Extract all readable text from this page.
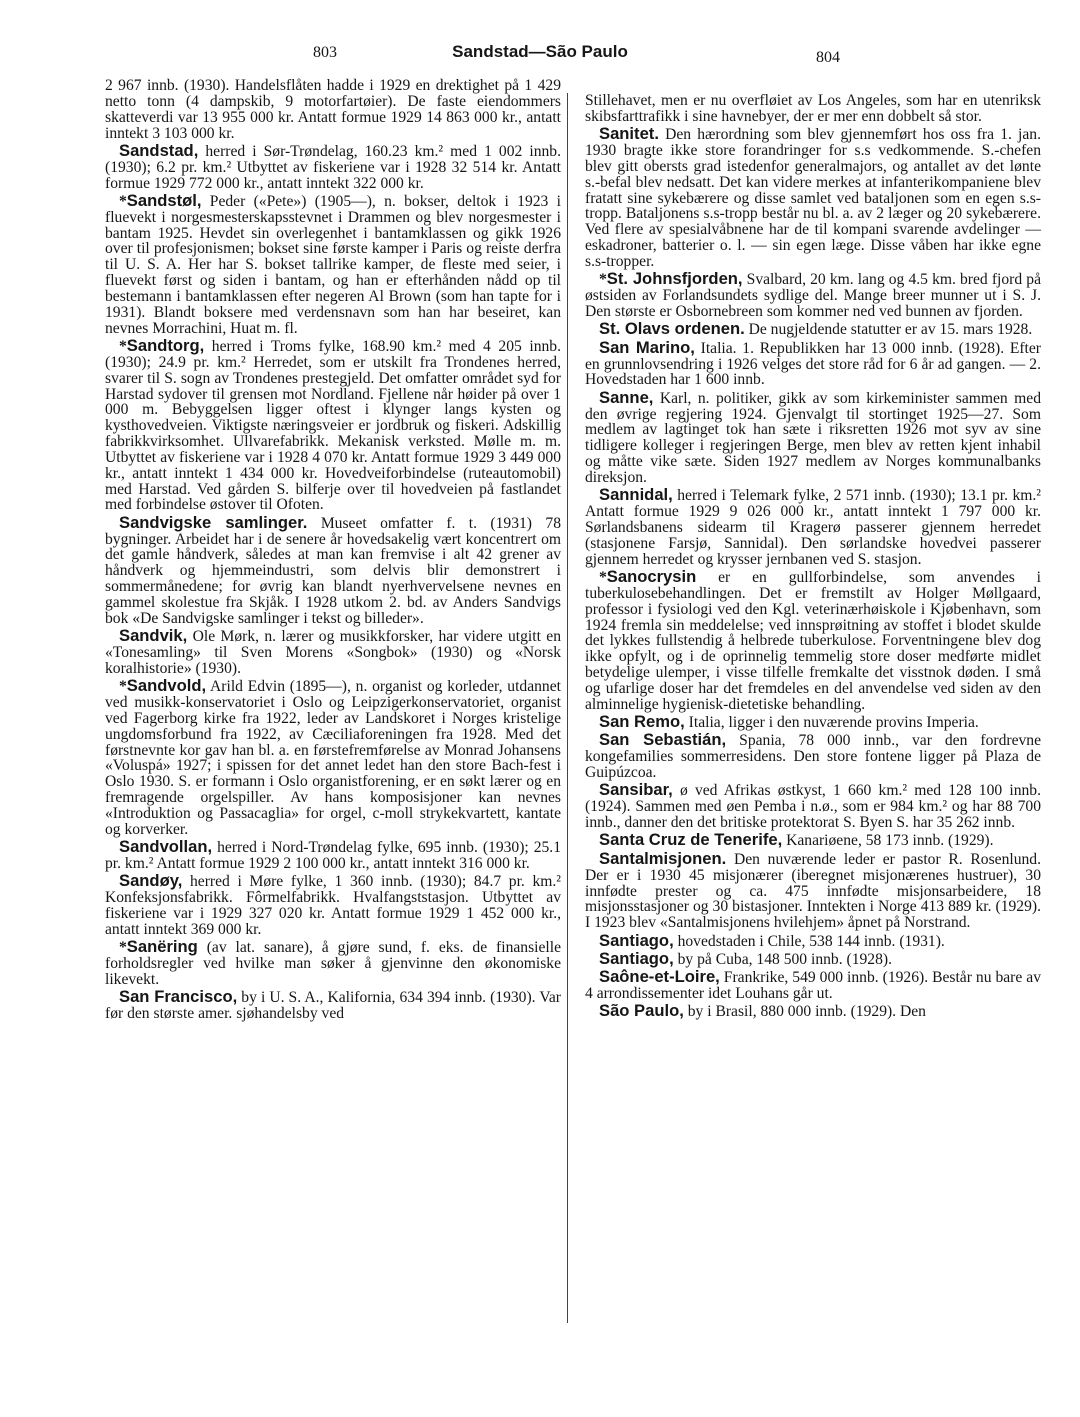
803	Sandstad—São Paulo	804

2 967 innb. (1930). Handelsflåten hadde i 1929 en drektighet på 1 429 netto tonn (4 dampskib, 9 motorfartøier). De faste eiendommers skatteverdi var 13 955 000 kr. Antatt formue 1929 14 863 000 kr., antatt inntekt 3 103 000 kr.

Sandstad, herred i Sør-Trøndelag, 160.23 km.² med 1 002 innb. (1930); 6.2 pr. km.² Utbyttet av fiskeriene var i 1928 32 514 kr. Antatt formue 1929 772 000 kr., antatt inntekt 322 000 kr.

*Sandstøl, Peder («Pete») (1905—), n. bokser, deltok i 1923 i fluevekt i norgesmesterskapsstevnet i Drammen og blev norgesmester i bantam 1925. Hevdet sin overlegenhet i bantamklassen og gikk 1926 over til profesjonismen; bokset sine første kamper i Paris og reiste derfra til U. S. A. Her har S. bokset tallrike kamper, de fleste med seier, i fluevekt først og siden i bantam, og han er efterhånden nådd op til bestemann i bantamklassen efter negeren Al Brown (som han tapte for i 1931). Blandt boksere med verdensnavn som han har beseiret, kan nevnes Morrachini, Huat m. fl.

*Sandtorg, herred i Troms fylke, 168.90 km.² med 4 205 innb. (1930); 24.9 pr. km.² Herredet, som er utskilt fra Trondenes herred, svarer til S. sogn av Trondenes prestegjeld. Det omfatter området syd for Harstad sydover til grensen mot Nordland. Fjellene når høider på over 1 000 m. Bebyggelsen ligger oftest i klynger langs kysten og kysthovedveien. Viktigste næringsveier er jordbruk og fiskeri. Adskillig fabrikkvirksomhet. Ullvarefabrikk. Mekanisk verksted. Mølle m. m. Utbyttet av fiskeriene var i 1928 4 070 kr. Antatt formue 1929 3 449 000 kr., antatt inntekt 1 434 000 kr. Hovedveiforbindelse (ruteautomobil) med Harstad. Ved gården S. bilferje over til hovedveien på fastlandet med forbindelse østover til Ofoten.

Sandvigske samlinger. Museet omfatter f. t. (1931) 78 bygninger. Arbeidet har i de senere år hovedsakelig vært koncentrert om det gamle håndverk, således at man kan fremvise i alt 42 grener av håndverk og hjemmeindustri, som delvis blir demonstrert i sommermånedene; for øvrig kan blandt nyerhvervelsene nevnes en gammel skolestue fra Skjåk. I 1928 utkom 2. bd. av Anders Sandvigs bok «De Sandvigske samlinger i tekst og billeder».

Sandvik, Ole Mørk, n. lærer og musikkforsker, har videre utgitt en «Tonesamling» til Sven Morens «Songbok» (1930) og «Norsk koralhistorie» (1930).

*Sandvold, Arild Edvin (1895—), n. organist og korleder, utdannet ved musikk-konservatoriet i Oslo og Leipzigerkonservatoriet, organist ved Fagerborg kirke fra 1922, leder av Landskoret i Norges kristelige ungdomsforbund fra 1922, av Cæciliaforeningen fra 1928. Med det førstnevnte kor gav han bl. a. en førstefremførelse av Monrad Johansens «Voluspá» 1927; i spissen for det annet ledet han den store Bach-fest i Oslo 1930. S. er formann i Oslo organistforening, er en søkt lærer og en fremragende orgelspiller. Av hans komposisjoner kan nevnes «Introduktion og Passacaglia» for orgel, c-moll strykekvartett, kantate og korverker.

Sandvollan, herred i Nord-Trøndelag fylke, 695 innb. (1930); 25.1 pr. km.² Antatt formue 1929 2 100 000 kr., antatt inntekt 316 000 kr.

Sandøy, herred i Møre fylke, 1 360 innb. (1930); 84.7 pr. km.² Konfeksjonsfabrikk. Fôrmelfabrikk. Hvalfangststasjon. Utbyttet av fiskeriene var i 1929 327 020 kr. Antatt formue 1929 1 452 000 kr., antatt inntekt 369 000 kr.

*Sanëring (av lat. sanare), å gjøre sund, f. eks. de finansielle forholdsregler ved hvilke man søker å gjenvinne den økonomiske likevekt.

San Francisco, by i U. S. A., Kalifornia, 634 394 innb. (1930). Var før den største amer. sjøhandelsby ved

Stillehavet, men er nu overfløiet av Los Angeles, som har en utenriksk skibsfarttrafikk i sine havnebyer, der er mer enn dobbelt så stor.

Sanitet. Den hærordning som blev gjennemført hos oss fra 1. jan. 1930 bragte ikke store forandringer for s.s vedkommende. S.-chefen blev gitt obersts grad istedenfor generalmajors, og antallet av det lønte s.-befal blev nedsatt. Det kan videre merkes at infanterikompaniene blev fratatt sine sykebærere og disse samlet ved bataljonen som en egen s.s-tropp. Bataljonens s.s-tropp består nu bl. a. av 2 læger og 20 sykebærere. Ved flere av spesialvåbnene har de til kompani svarende avdelinger — eskadroner, batterier o. l. — sin egen læge. Disse våben har ikke egne s.s-tropper.

*St. Johnsfjorden, Svalbard, 20 km. lang og 4.5 km. bred fjord på østsiden av Forlandsundets sydlige del. Mange breer munner ut i S. J. Den største er Osbornebreen som kommer ned ved bunnen av fjorden.

St. Olavs ordenen. De nugjeldende statutter er av 15. mars 1928.

San Marino, Italia. 1. Republikken har 13 000 innb. (1928). Efter en grunnlovsendring i 1926 velges det store råd for 6 år ad gangen. — 2. Hovedstaden har 1 600 innb.

Sanne, Karl, n. politiker, gikk av som kirkeminister sammen med den øvrige regjering 1924. Gjenvalgt til stortinget 1925—27. Som medlem av lagtinget tok han sæte i riksretten 1926 mot syv av sine tidligere kolleger i regjeringen Berge, men blev av retten kjent inhabil og måtte vike sæte. Siden 1927 medlem av Norges kommunalbanks direksjon.

Sannidal, herred i Telemark fylke, 2 571 innb. (1930); 13.1 pr. km.² Antatt formue 1929 9 026 000 kr., antatt inntekt 1 797 000 kr. Sørlandsbanens sidearm til Kragerø passerer gjennem herredet (stasjonene Farsjø, Sannidal). Den sørlandske hovedvei passerer gjennem herredet og krysser jernbanen ved S. stasjon.

*Sanocrysin er en gullforbindelse, som anvendes i tuberkulosebehandlingen. Det er fremstilt av Holger Møllgaard, professor i fysiologi ved den Kgl. veterinærhøiskole i Kjøbenhavn, som 1924 fremla sin meddelelse; ved innsprøitning av stoffet i blodet skulde det lykkes fullstendig å helbrede tuberkulose. Forventningene blev dog ikke opfylt, og i de oprinnelig temmelig store doser medførte midlet betydelige ulemper, i visse tilfelle fremkalte det visstnok døden. I små og ufarlige doser har det fremdeles en del anvendelse ved siden av den alminnelige hygienisk-dietetiske behandling.

San Remo, Italia, ligger i den nuværende provins Imperia.

San Sebastián, Spania, 78 000 innb., var den fordrevne kongefamilies sommerresidens. Den store fontene ligger på Plaza de Guipúzcoa.

Sansibar, ø ved Afrikas østkyst, 1 660 km.² med 128 100 innb. (1924). Sammen med øen Pemba i n.ø., som er 984 km.² og har 88 700 innb., danner den det britiske protektorat S. Byen S. har 35 262 innb.

Santa Cruz de Tenerife, Kanariøene, 58 173 innb. (1929).

Santalmisjonen. Den nuværende leder er pastor R. Rosenlund. Der er i 1930 45 misjonærer (iberegnet misjonærenes hustruer), 30 innfødte prester og ca. 475 innfødte misjonsarbeidere, 18 misjonsstasjoner og 30 bistasjoner. Inntekten i Norge 413 889 kr. (1929). I 1923 blev «Santalmisjonens hvilehjem» åpnet på Norstrand.

Santiago, hovedstaden i Chile, 538 144 innb. (1931).

Santiago, by på Cuba, 148 500 innb. (1928).

Saône-et-Loire, Frankrike, 549 000 innb. (1926). Består nu bare av 4 arrondissementer idet Louhans går ut.

São Paulo, by i Brasil, 880 000 innb. (1929). Den
